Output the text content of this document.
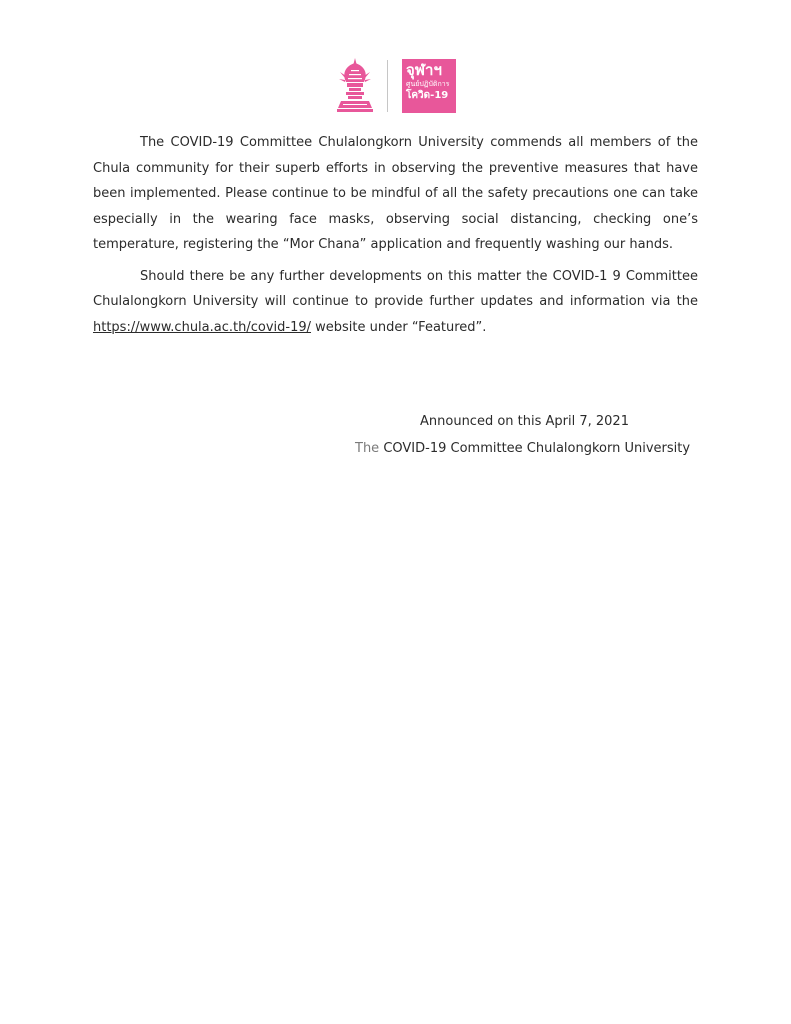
จุฬาฯ
ศูนย์ปฏิบัติการ
โควิด-19

The COVID-19 Committee Chulalongkorn University commends all members of the Chula community for their superb efforts in observing the preventive measures that have been implemented. Please continue to be mindful of all the safety precautions one can take especially in the wearing face masks, observing social distancing, checking one’s temperature, registering the “Mor Chana” application and frequently washing our hands.

Should there be any further developments on this matter the COVID-1 9 Committee Chulalongkorn University will continue to provide further updates and information via the https://www.chula.ac.th/covid-19/ website under “Featured”.

Announced on this April 7, 2021
The COVID-19 Committee Chulalongkorn University
